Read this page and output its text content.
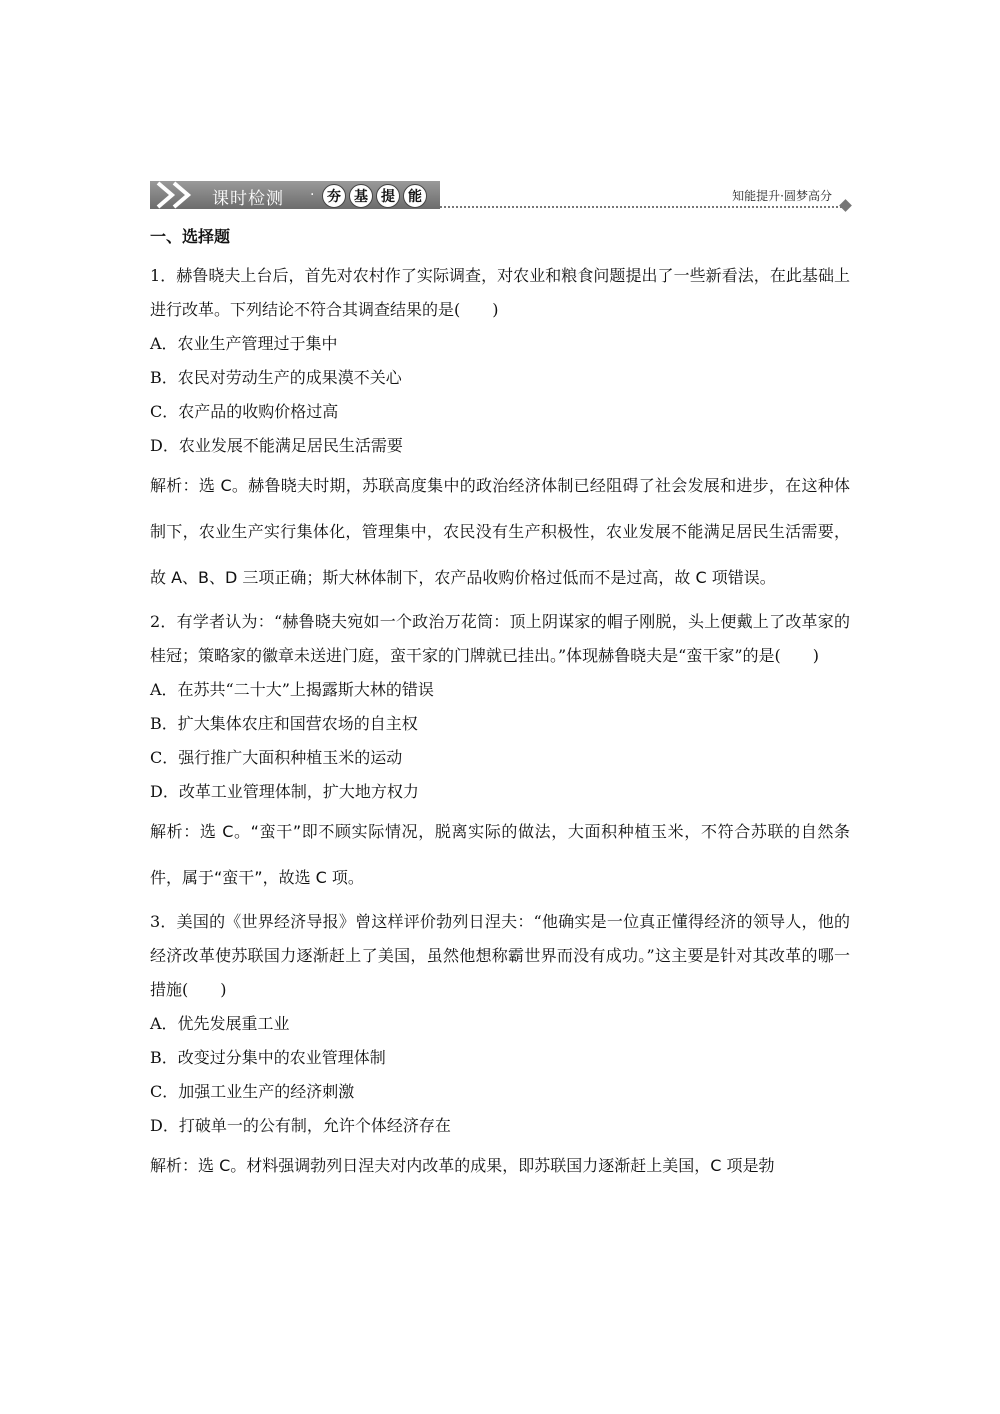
课时检测 · 夯 基 提 能	知能提升·圆梦高分

一、选择题

1．赫鲁晓夫上台后，首先对农村作了实际调查，对农业和粮食问题提出了一些新看法，在此基础上进行改革。下列结论不符合其调查结果的是(　　)

A．农业生产管理过于集中

B．农民对劳动生产的成果漠不关心

C．农产品的收购价格过高

D．农业发展不能满足居民生活需要

解析：选 C。赫鲁晓夫时期，苏联高度集中的政治经济体制已经阻碍了社会发展和进步，在这种体制下，农业生产实行集体化，管理集中，农民没有生产积极性，农业发展不能满足居民生活需要，故 A、B、D 三项正确；斯大林体制下，农产品收购价格过低而不是过高，故 C 项错误。

2．有学者认为：“赫鲁晓夫宛如一个政治万花筒：顶上阴谋家的帽子刚脱，头上便戴上了改革家的桂冠；策略家的徽章未送进门庭，蛮干家的门牌就已挂出。”体现赫鲁晓夫是“蛮干家”的是(　　)

A．在苏共“二十大”上揭露斯大林的错误

B．扩大集体农庄和国营农场的自主权

C．强行推广大面积种植玉米的运动

D．改革工业管理体制，扩大地方权力

解析：选 C。“蛮干”即不顾实际情况，脱离实际的做法，大面积种植玉米，不符合苏联的自然条件，属于“蛮干”，故选 C 项。

3．美国的《世界经济导报》曾这样评价勃列日涅夫：“他确实是一位真正懂得经济的领导人，他的经济改革使苏联国力逐渐赶上了美国，虽然他想称霸世界而没有成功。”这主要是针对其改革的哪一措施(　　)

A．优先发展重工业

B．改变过分集中的农业管理体制

C．加强工业生产的经济刺激

D．打破单一的公有制，允许个体经济存在

解析：选 C。材料强调勃列日涅夫对内改革的成果，即苏联国力逐渐赶上美国，C 项是勃
